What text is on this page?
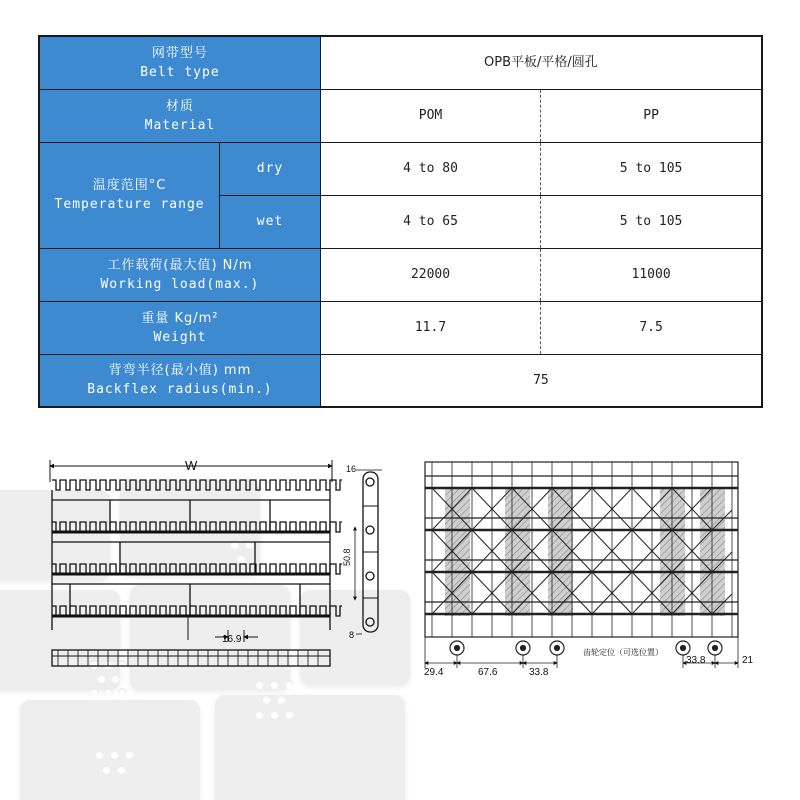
网带型号
Belt type		OPB平板/平格/圆孔	

材质
Material		POM	PP

温度范围°C
Temperature range	dry	4 to 80	5 to 105
	wet	4 to 65	5 to 105

工作载荷(最大值) N/m
Working load(max.)		22000	11000

重量 Kg/m²
Weight		11.7	7.5

背弯半径(最小值) mm
Backflex radius(min.)		75	
W
16.9
16
50.8
8
29.4	67.6	33.8
齿轮定位（可选位置）
33.8	21
